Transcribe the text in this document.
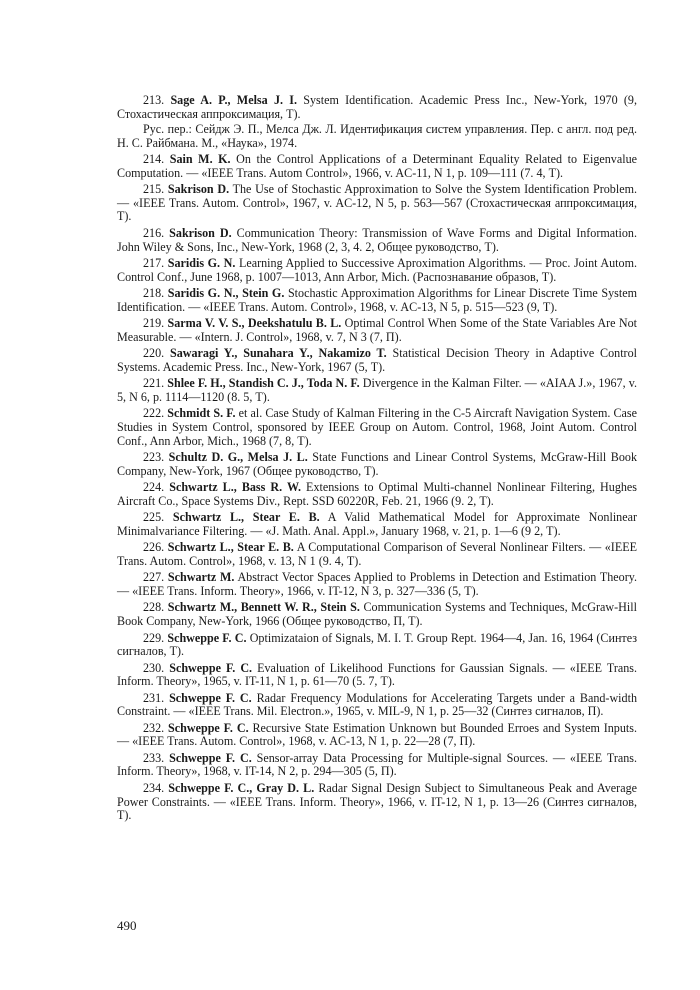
213. Sage A. P., Melsa J. I. System Identification. Academic Press Inc., New-York, 1970 (9, Стохастическая аппроксимация, Т).

Рус. пер.: Сейдж Э. П., Мелса Дж. Л. Идентификация систем управления. Пер. с англ. под ред. Н. С. Райбмана. М., «Наука», 1974.

214. Sain M. K. On the Control Applications of a Determinant Equality Related to Eigenvalue Computation. — «IEEE Trans. Autom Control», 1966, v. AC-11, N 1, p. 109—111 (7. 4, Т).

215. Sakrison D. The Use of Stochastic Approximation to Solve the System Identification Problem. — «IEEE Trans. Autom. Control», 1967, v. AC-12, N 5, p. 563—567 (Стохастическая аппроксимация, Т).

216. Sakrison D. Communication Theory: Transmission of Wave Forms and Digital Information. John Wiley & Sons, Inc., New-York, 1968 (2, 3, 4. 2, Общее руководство, Т).

217. Saridis G. N. Learning Applied to Successive Aproximation Algorithms. — Proc. Joint Autom. Control Conf., June 1968, p. 1007—1013, Ann Arbor, Mich. (Распознавание образов, Т).

218. Saridis G. N., Stein G. Stochastic Approximation Algorithms for Linear Discrete Time System Identification. — «IEEE Trans. Autom. Control», 1968, v. AC-13, N 5, p. 515—523 (9, Т).

219. Sarma V. V. S., Deekshatulu B. L. Optimal Control When Some of the State Variables Are Not Measurable. — «Intern. J. Control», 1968, v. 7, N 3 (7, П).

220. Sawaragi Y., Sunahara Y., Nakamizo T. Statistical Decision Theory in Adaptive Control Systems. Academic Press. Inc., New-York, 1967 (5, Т).

221. Shlee F. H., Standish C. J., Toda N. F. Divergence in the Kalman Filter. — «AIAA J.», 1967, v. 5, N 6, p. 1114—1120 (8. 5, Т).

222. Schmidt S. F. et al. Case Study of Kalman Filtering in the C-5 Aircraft Navigation System. Case Studies in System Control, sponsored by IEEE Group on Autom. Control, 1968, Joint Autom. Control Conf., Ann Arbor, Mich., 1968 (7, 8, Т).

223. Schultz D. G., Melsa J. L. State Functions and Linear Control Systems, McGraw-Hill Book Company, New-York, 1967 (Общее руководство, Т).

224. Schwartz L., Bass R. W. Extensions to Optimal Multi-channel Nonlinear Filtering, Hughes Aircraft Co., Space Systems Div., Rept. SSD 60220R, Feb. 21, 1966 (9. 2, Т).

225. Schwartz L., Stear E. B. A Valid Mathematical Model for Approximate Nonlinear Minimalvariance Filtering. — «J. Math. Anal. Appl.», January 1968, v. 21, p. 1—6 (9 2, Т).

226. Schwartz L., Stear E. B. A Computational Comparison of Several Nonlinear Filters. — «IEEE Trans. Autom. Control», 1968, v. 13, N 1 (9. 4, Т).

227. Schwartz M. Abstract Vector Spaces Applied to Problems in Detection and Estimation Theory. — «IEEE Trans. Inform. Theory», 1966, v. IT-12, N 3, p. 327—336 (5, Т).

228. Schwartz M., Bennett W. R., Stein S. Communication Systems and Techniques, McGraw-Hill Book Company, New-York, 1966 (Общее руководство, П, Т).

229. Schweppe F. C. Optimizataion of Signals, M. I. T. Group Rept. 1964—4, Jan. 16, 1964 (Синтез сигналов, Т).

230. Schweppe F. C. Evaluation of Likelihood Functions for Gaussian Signals. — «IEEE Trans. Inform. Theory», 1965, v. IT-11, N 1, p. 61—70 (5. 7, Т).

231. Schweppe F. C. Radar Frequency Modulations for Accelerating Targets under a Band-width Constraint. — «IEEE Trans. Mil. Electron.», 1965, v. MIL-9, N 1, p. 25—32 (Синтез сигналов, П).

232. Schweppe F. C. Recursive State Estimation Unknown but Bounded Erroes and System Inputs. — «IEEE Trans. Autom. Control», 1968, v. AC-13, N 1, p. 22—28 (7, П).

233. Schweppe F. C. Sensor-array Data Processing for Multiple-signal Sources. — «IEEE Trans. Inform. Theory», 1968, v. IT-14, N 2, p. 294—305 (5, П).

234. Schweppe F. C., Gray D. L. Radar Signal Design Subject to Simultaneous Peak and Average Power Constraints. — «IEEE Trans. Inform. Theory», 1966, v. IT-12, N 1, p. 13—26 (Синтез сигналов, Т).

490
